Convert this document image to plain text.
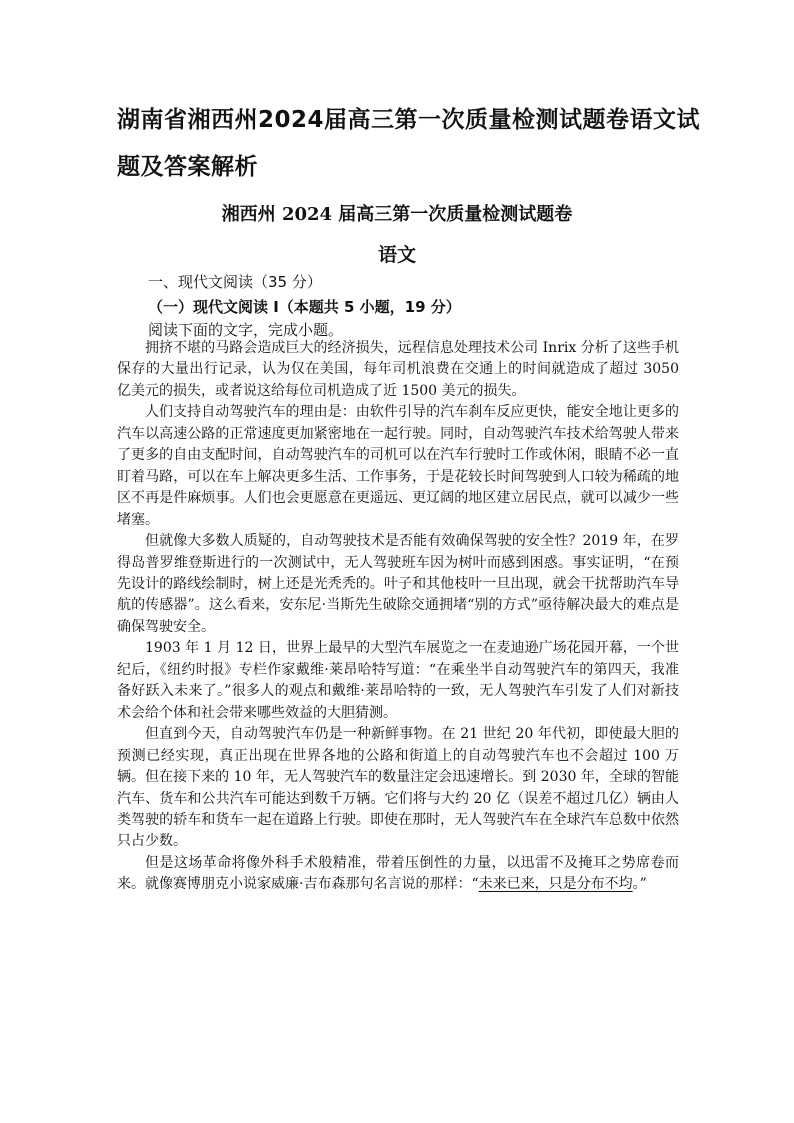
湖南省湘西州2024届高三第一次质量检测试题卷语文试题及答案解析
湘西州 2024 届高三第一次质量检测试题卷
语文

一、现代文阅读（35 分）

（一）现代文阅读 I（本题共 5 小题，19 分）

阅读下面的文字，完成小题。

拥挤不堪的马路会造成巨大的经济损失，远程信息处理技术公司 Inrix 分析了这些手机保存的大量出行记录，认为仅在美国，每年司机浪费在交通上的时间就造成了超过 3050 亿美元的损失，或者说这给每位司机造成了近 1500 美元的损失。

人们支持自动驾驶汽车的理由是：由软件引导的汽车刹车反应更快，能安全地让更多的汽车以高速公路的正常速度更加紧密地在一起行驶。同时，自动驾驶汽车技术给驾驶人带来了更多的自由支配时间，自动驾驶汽车的司机可以在汽车行驶时工作或休闲，眼睛不必一直盯着马路，可以在车上解决更多生活、工作事务，于是花较长时间驾驶到人口较为稀疏的地区不再是件麻烦事。人们也会更愿意在更遥远、更辽阔的地区建立居民点，就可以减少一些堵塞。

但就像大多数人质疑的，自动驾驶技术是否能有效确保驾驶的安全性？2019 年，在罗得岛普罗维登斯进行的一次测试中，无人驾驶班车因为树叶而感到困惑。事实证明，“在预先设计的路线绘制时，树上还是光秃秃的。叶子和其他枝叶一旦出现，就会干扰帮助汽车导航的传感器”。这么看来，安东尼·当斯先生破除交通拥堵“别的方式”亟待解决最大的难点是确保驾驶安全。

1903 年 1 月 12 日，世界上最早的大型汽车展览之一在麦迪逊广场花园开幕，一个世纪后，《纽约时报》专栏作家戴维·莱昂哈特写道：“在乘坐半自动驾驶汽车的第四天，我准备好跃入未来了。”很多人的观点和戴维·莱昂哈特的一致，无人驾驶汽车引发了人们对新技术会给个体和社会带来哪些效益的大胆猜测。

但直到今天，自动驾驶汽车仍是一种新鲜事物。在 21 世纪 20 年代初，即使最大胆的预测已经实现，真正出现在世界各地的公路和街道上的自动驾驶汽车也不会超过 100 万辆。但在接下来的 10 年，无人驾驶汽车的数量注定会迅速增长。到 2030 年，全球的智能汽车、货车和公共汽车可能达到数千万辆。它们将与大约 20 亿（误差不超过几亿）辆由人类驾驶的轿车和货车一起在道路上行驶。即使在那时，无人驾驶汽车在全球汽车总数中依然只占少数。

但是这场革命将像外科手术般精准，带着压倒性的力量，以迅雷不及掩耳之势席卷而来。就像赛博朋克小说家威廉·吉布森那句名言说的那样：“未来已来，只是分布不均。”
